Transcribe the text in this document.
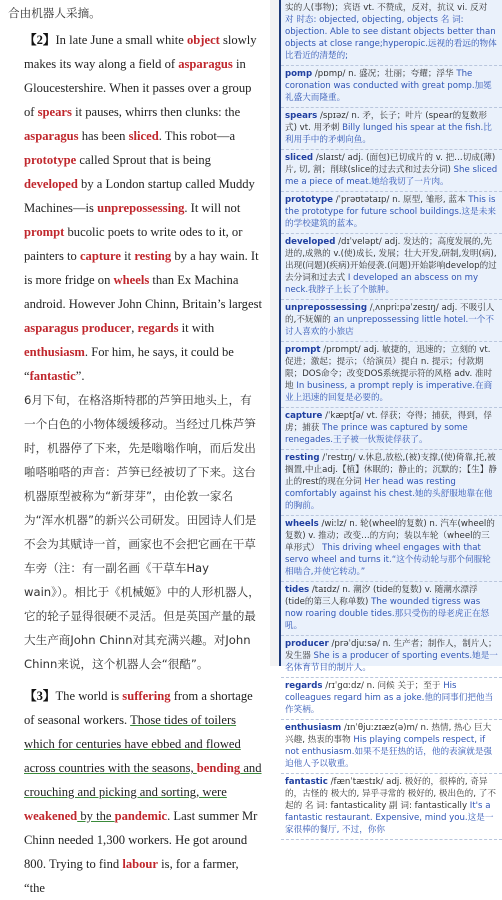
合由机器人采摘。

【2】In late June a small white object slowly makes its way along a field of asparagus in Gloucestershire. When it passes over a group of spears it pauses, whirrs then clunks: the asparagus has been sliced. This robot—a prototype called Sprout that is being developed by a London startup called Muddy Machines—is unprepossessing. It will not prompt bucolic poets to write odes to it, or painters to capture it resting by a hay wain. It is more fridge on wheels than Ex Machina android. However John Chinn, Britain’s largest asparagus producer, regards it with enthusiasm. For him, he says, it could be “fantastic”.

6月下旬，在格洛斯特郡的芦笋田地头上，有一个白色的小物体缓缓移动。当经过几株芦笋时，机器停了下来，先是嗡嗡作响，而后发出啪嗒啪嗒的声音：芦笋已经被切了下来。这台机器原型被称为“新芽芽”，由伦敦一家名为“浑水机器”的新兴公司研发。田园诗人们是不会为其赋诗一首，画家也不会把它画在干草车旁（注：有一副名画《干草车Hay wain》）。相比于《机械姬》中的人形机器人，它的轮子显得很硬不灵活。但是英国产量的最大生产商John Chinn对其充满兴趣。对John Chinn来说，这个机器人会“很酷”。

【3】The world is suffering from a shortage of seasonal workers. Those tides of toilers which for centuries have ebbed and flowed across countries with the seasons, bending and crouching and picking and sorting, were weakened by the pandemic. Last summer Mr Chinn needed 1,300 workers. He got around 800. Trying to find labour is, for a farmer, “the

实的人(事物)；宾语 vt. 不赞成，反对，抗议 vi. 反对 对 时态: objected, objecting, objects 名 词: objection. Able to see distant objects better than objects at close range;hyperopic.远视的看远的物体比看近的清楚的;

pomp /pɒmp/ n. 盛况；壮丽；夸耀；浮华 The coronation was conducted with great pomp.加冕礼盛大而隆重。

spears /spɪəz/ n. 矛，长子；叶片 (spear的复数形式) vt. 用矛刺 Billy lunged his spear at the fish.比利用手中的矛刺向鱼。

sliced /slaɪst/ adj. (面包)已切成片的 v. 把…切成(薄)片, 切, 割；削球(slice的过去式和过去分词) She sliced me a piece of meat.她给我切了一片肉。

prototype /ˈprəʊtətaɪp/ n. 原型, 雏形, 蓝本 This is the prototype for future school buildings.这是未来的学校建筑的蓝本。

developed /dɪˈveləpt/ adj. 发达的；高度发展的,先进的,成熟的 v.(使)成长, 发展；壮大开发,研制,发明(病),出现(问题)(疾病)开始侵袭.(问题)开始影响develop的过去分词和过去式 I developed an abscess on my neck.我脖子上长了个脓肿。

unprepossessing /ˌʌnpriːpəˈzesɪŋ/ adj. 不吸引人的,不妩媚的 an unprepossessing little hotel.一个不讨人喜欢的小旅店

prompt /prɒmpt/ adj. 敏捷的，迅速的；立刻的 vt. 促进；激起；提示；（给演员）提白 n. 提示；付款期限；DOS命令；改变DOS系统提示符的风格 adv. 准时地 In business, a prompt reply is imperative.在商业上迅速的回复是必要的。

capture /ˈkæptʃə/ vt. 俘获；夺得；捕获，得到，俘虏；捕获 The prince was captured by some renegades.王子被一伙叛徒俘获了。

resting /ˈrestɪŋ/ v.休息,放松,(被)支撑,(使)倚靠,托,被搁置,中止adj.【植】休眠的；静止的；沉默的；【生】静止的rest的现在分词 Her head was resting comfortably against his chest.她的头舒服地靠在他的胸前。

wheels /wiːlz/ n. 轮(wheel的复数) n. 汽车(wheel的复数) v. 推动；改变…的方向；装以车轮（wheel的三单形式） This driving wheel engages with that servo wheel and turns it.“这个传动轮与那个伺服轮相啮合,并使它转动。”

tides /taɪdz/ n. 潮汐 (tide的复数) v. 随潮水漂浮 (tide的第三人称单数) The wounded tigress was now roaring double tides.那只受伤的母老虎正在怒吼。

producer /prəˈdjuːsə/ n. 生产者；制作人，制片人；发生器 She is a producer of sporting events.她是一名体育节目的制片人。

regards /rɪˈgɑːdz/ n. 问候 关于；至于 His colleagues regard him as a joke.他的同事们把他当作笑柄。

enthusiasm /ɪnˈθjuːzɪæz(ə)m/ n. 热情, 热心 巨大兴趣, 热衷的事物 His playing compels respect, if not enthusiasm.如果不是狂热的话，他的表演就是强迫他人予以敬重。

fantastic /fænˈtæstɪk/ adj. 极好的，很棒的, 奇异的，古怪的 极大的, 异乎寻常的 极好的, 极出色的, 了不起的 名 词: fantasticality 副 词: fantastically It's a fantastic restaurant. Expensive, mind you.这是一家很棒的餐厅, 不过，你你
